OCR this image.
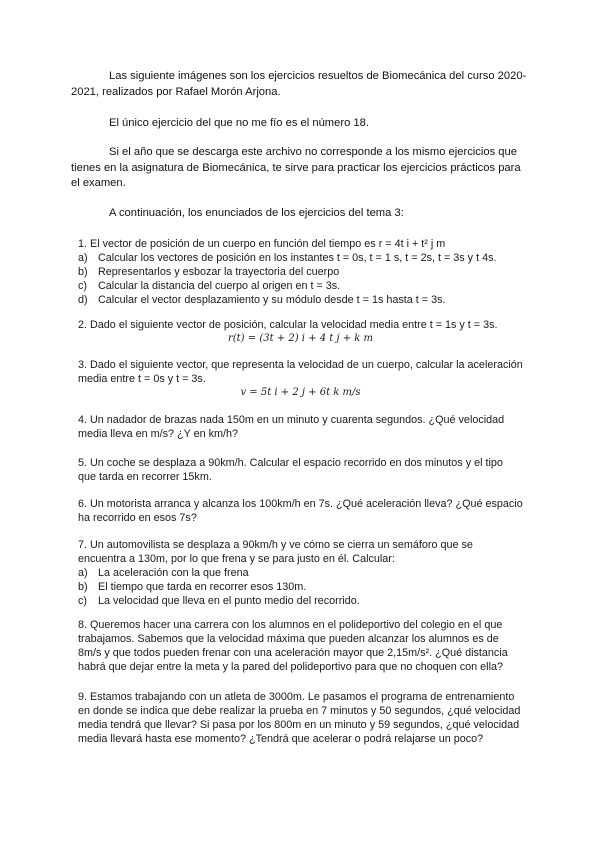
Las siguiente imágenes son los ejercicios resueltos de Biomecánica del curso 2020-2021, realizados por Rafael Morón Arjona.

El único ejercicio del que no me fío es el número 18.

Si el año que se descarga este archivo no corresponde a los mismo ejercicios que tienes en la asignatura de Biomecánica, te sirve para practicar los ejercicios prácticos para el examen.

A continuación, los enunciados de los ejercicios del tema 3:

1. El vector de posición de un cuerpo en función del tiempo es r = 4t i + t² j m

a) Calcular los vectores de posición en los instantes t = 0s, t = 1 s, t = 2s, t = 3s y t 4s.
b) Representarlos y esbozar la trayectoria del cuerpo
c)	Calcular la distancia del cuerpo al origen en t = 3s.
d) Calcular el vector desplazamiento y su módulo desde t = 1s hasta t = 3s.

2. Dado el siguiente vector de posición, calcular la velocidad media entre t = 1s y t = 3s.

r(t) = (3t + 2) i + 4 t j + k m

3. Dado el siguiente vector, que representa la velocidad de un cuerpo, calcular la aceleración media entre t = 0s y t = 3s.

v = 5t i + 2 j + 6t k m/s

4. Un nadador de brazas nada 150m en un minuto y cuarenta segundos. ¿Qué velocidad media lleva en m/s? ¿Y en km/h?

5. Un coche se desplaza a 90km/h. Calcular el espacio recorrido en dos minutos y el tipo que tarda en recorrer 15km.

6. Un motorista arranca y alcanza los 100km/h en 7s. ¿Qué aceleración lleva? ¿Qué espacio ha recorrido en esos 7s?

7. Un automovilista se desplaza a 90km/h y ve cómo se cierra un semáforo que se encuentra a 130m, por lo que frena y se para justo en él. Calcular:

a) La aceleración con la que frena
b) El tiempo que tarda en recorrer esos 130m.
c)	La velocidad que lleva en el punto medio del recorrido.

8. Queremos hacer una carrera con los alumnos en el polideportivo del colegio en el que trabajamos. Sabemos que la velocidad máxima que pueden alcanzar los alumnos es de 8m/s y que todos pueden frenar con una aceleración mayor que 2,15m/s². ¿Qué distancia habrá que dejar entre la meta y la pared del polideportivo para que no choquen con ella?

9. Estamos trabajando con un atleta de 3000m. Le pasamos el programa de entrenamiento en donde se indica que debe realizar la prueba en 7 minutos y 50 segundos, ¿qué velocidad media tendrá que llevar? Si pasa por los 800m en un minuto y 59 segundos, ¿qué velocidad media llevará hasta ese momento? ¿Tendrá que acelerar o podrá relajarse un poco?
